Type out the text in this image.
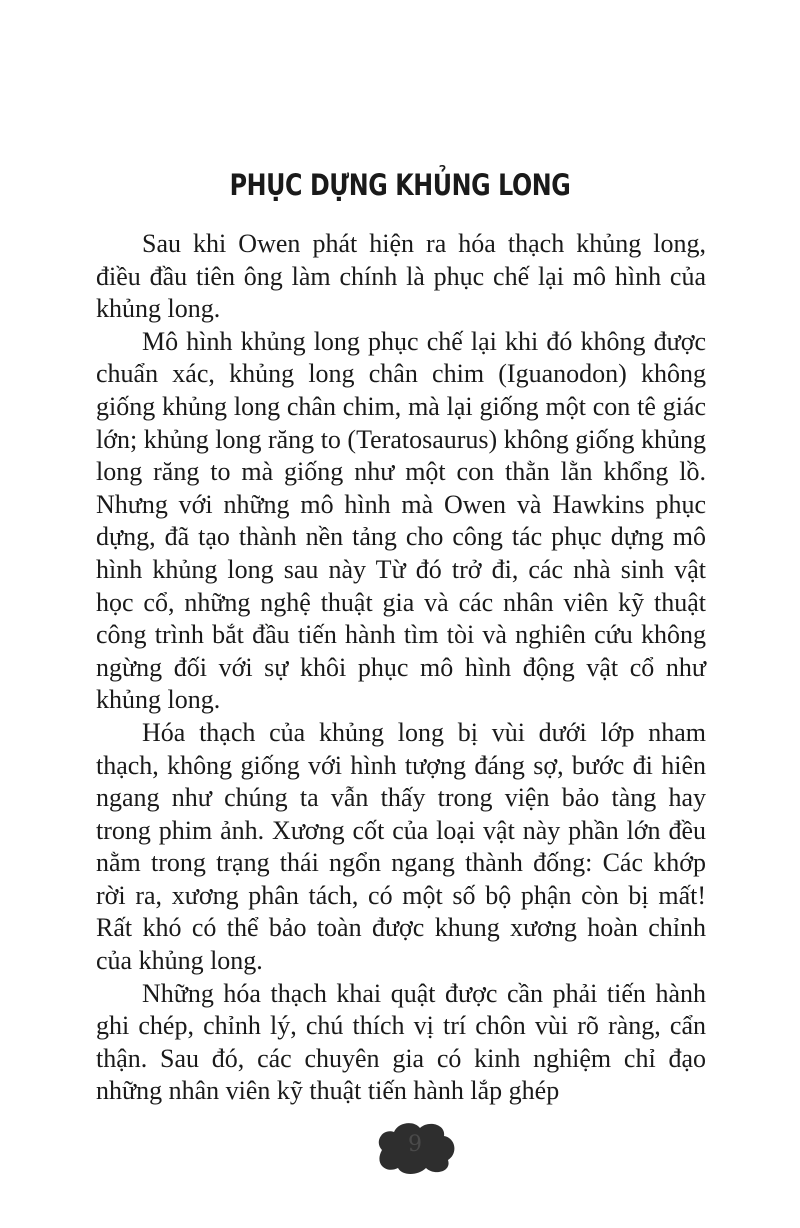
PHỤC DỰNG KHỦNG LONG

Sau khi Owen phát hiện ra hóa thạch khủng long, điều đầu tiên ông làm chính là phục chế lại mô hình của khủng long.

Mô hình khủng long phục chế lại khi đó không được chuẩn xác, khủng long chân chim (Iguanodon) không giống khủng long chân chim, mà lại giống một con tê giác lớn; khủng long răng to (Teratosaurus) không giống khủng long răng to mà giống như một con thằn lằn khổng lồ. Nhưng với những mô hình mà Owen và Hawkins phục dựng, đã tạo thành nền tảng cho công tác phục dựng mô hình khủng long sau này Từ đó trở đi, các nhà sinh vật học cổ, những nghệ thuật gia và các nhân viên kỹ thuật công trình bắt đầu tiến hành tìm tòi và nghiên cứu không ngừng đối với sự khôi phục mô hình động vật cổ như khủng long.

Hóa thạch của khủng long bị vùi dưới lớp nham thạch, không giống với hình tượng đáng sợ, bước đi hiên ngang như chúng ta vẫn thấy trong viện bảo tàng hay trong phim ảnh. Xương cốt của loại vật này phần lớn đều nằm trong trạng thái ngổn ngang thành đống: Các khớp rời ra, xương phân tách, có một số bộ phận còn bị mất! Rất khó có thể bảo toàn được khung xương hoàn chỉnh của khủng long.

Những hóa thạch khai quật được cần phải tiến hành ghi chép, chỉnh lý, chú thích vị trí chôn vùi rõ ràng, cẩn thận. Sau đó, các chuyên gia có kinh nghiệm chỉ đạo những nhân viên kỹ thuật tiến hành lắp ghép

9
